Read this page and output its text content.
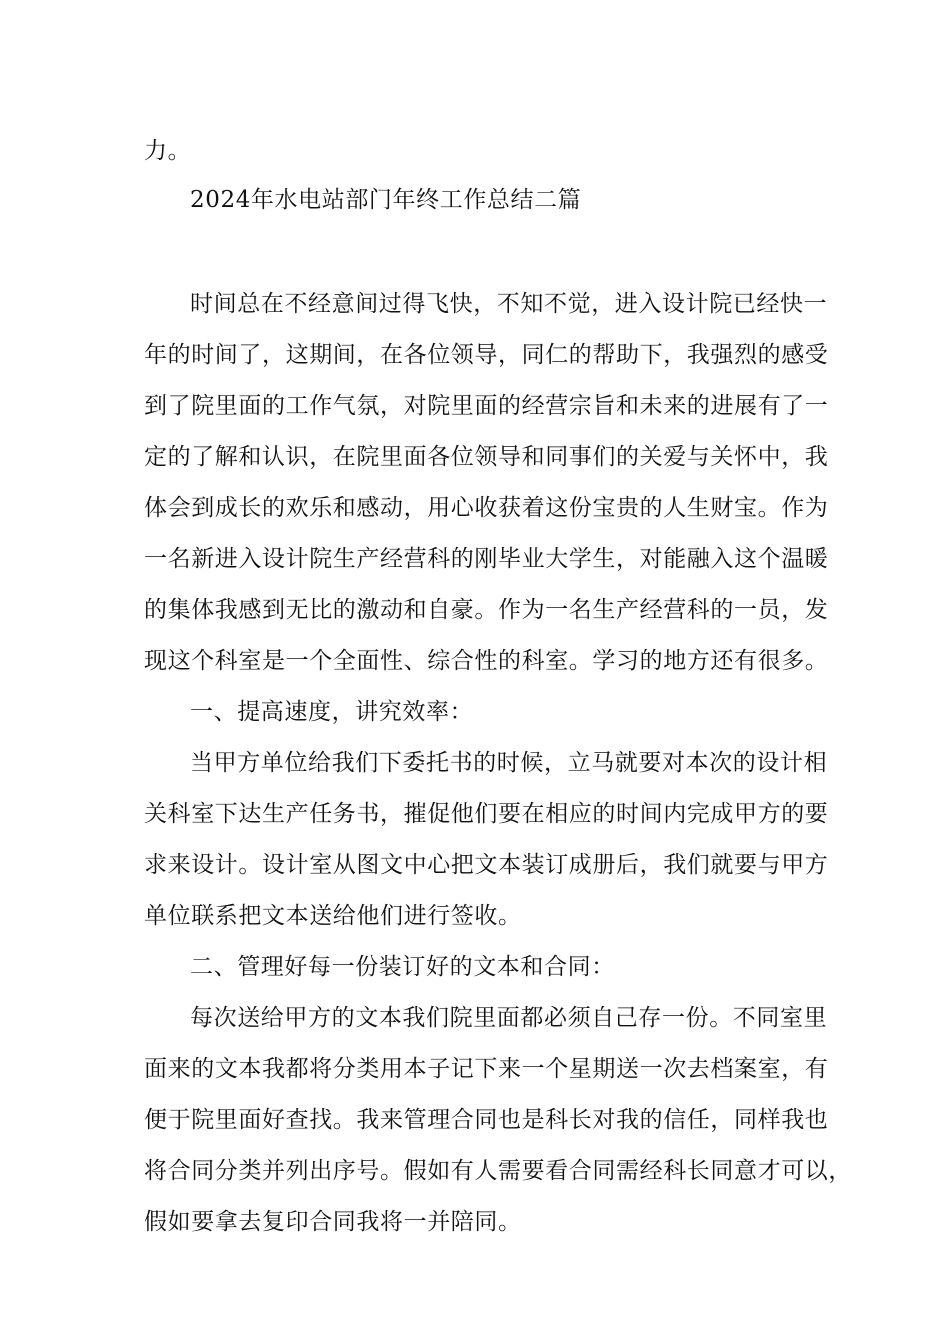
力。

2024年水电站部门年终工作总结二篇

时间总在不经意间过得飞快，不知不觉，进入设计院已经快一

年的时间了，这期间，在各位领导，同仁的帮助下，我强烈的感受

到了院里面的工作气氛，对院里面的经营宗旨和未来的进展有了一

定的了解和认识，在院里面各位领导和同事们的关爱与关怀中，我

体会到成长的欢乐和感动，用心收获着这份宝贵的人生财宝。作为

一名新进入设计院生产经营科的刚毕业大学生，对能融入这个温暖

的集体我感到无比的激动和自豪。作为一名生产经营科的一员，发

现这个科室是一个全面性、综合性的科室。学习的地方还有很多。

一、提高速度，讲究效率：

当甲方单位给我们下委托书的时候，立马就要对本次的设计相

关科室下达生产任务书，摧促他们要在相应的时间内完成甲方的要

求来设计。设计室从图文中心把文本装订成册后，我们就要与甲方

单位联系把文本送给他们进行签收。

二、管理好每一份装订好的文本和合同：

每次送给甲方的文本我们院里面都必须自己存一份。不同室里

面来的文本我都将分类用本子记下来一个星期送一次去档案室，有

便于院里面好查找。我来管理合同也是科长对我的信任，同样我也

将合同分类并列出序号。假如有人需要看合同需经科长同意才可以，

假如要拿去复印合同我将一并陪同。
